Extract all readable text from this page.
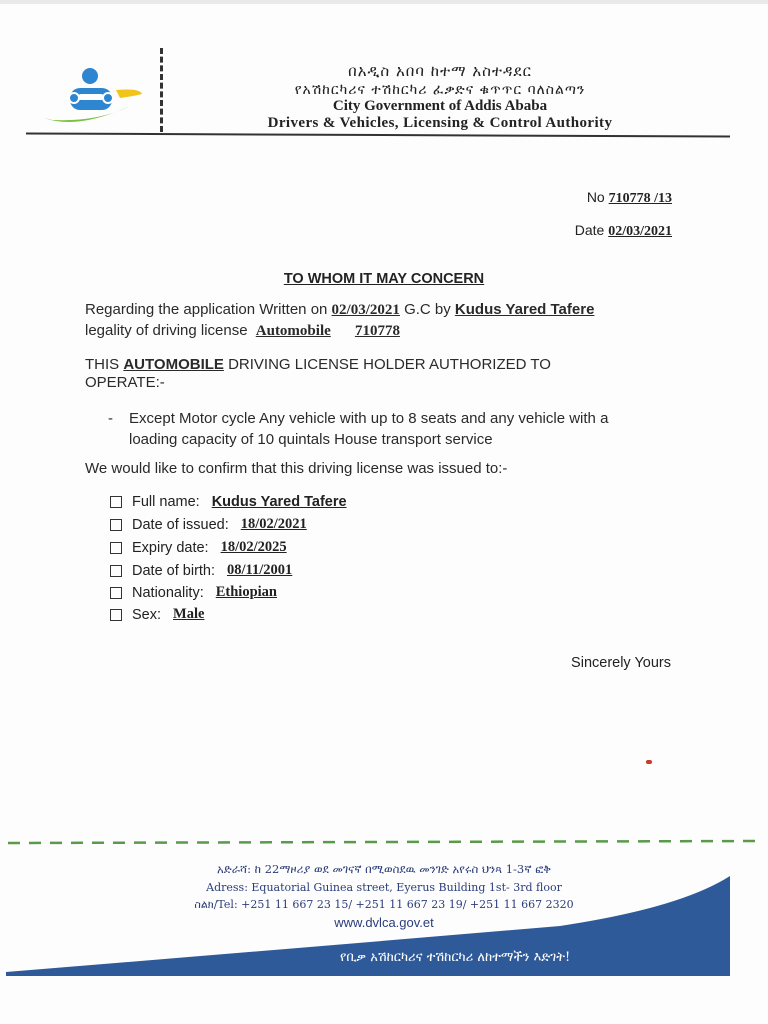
በአዲስ አበባ ከተማ አስተዳደር
የአሽከርካሪና ተሽከርካሪ ፈቃድና ቁጥጥር ባለስልጣን
City Government of Addis Ababa
Drivers & Vehicles, Licensing & Control Authority
No 710778 /13
Date 02/03/2021
TO WHOM IT MAY CONCERN
Regarding the application Written on 02/03/2021 G.C by Kudus Yared Tafere
legality of driving license Automobile 710778
THIS AUTOMOBILE DRIVING LICENSE HOLDER AUTHORIZED TO
OPERATE:-
- Except Motor cycle Any vehicle with up to 8 seats and any vehicle with a
loading capacity of 10 quintals House transport service
We would like to confirm that this driving license was issued to:-
Full name: Kudus Yared Tafere
Date of issued: 18/02/2021
Expiry date: 18/02/2025
Date of birth: 08/11/2001
Nationality: Ethiopian
Sex: Male
Sincerely Yours
አድራሻ: ከ 22ማዞሪያ ወደ መገናኛ በሚወስደዉ መንገድ አየሩስ ህንጻ 1-3ኛ ፎቅ
Adress: Equatorial Guinea street, Eyerus Building 1st- 3rd floor
ስልክ/Tel: +251 11 667 23 15/ +251 11 667 23 19/ +251 11 667 2320
www.dvlca.gov.et
የቢቃ አሽከርካሪና ተሽከርካሪ ለከተማችን እድገት!
